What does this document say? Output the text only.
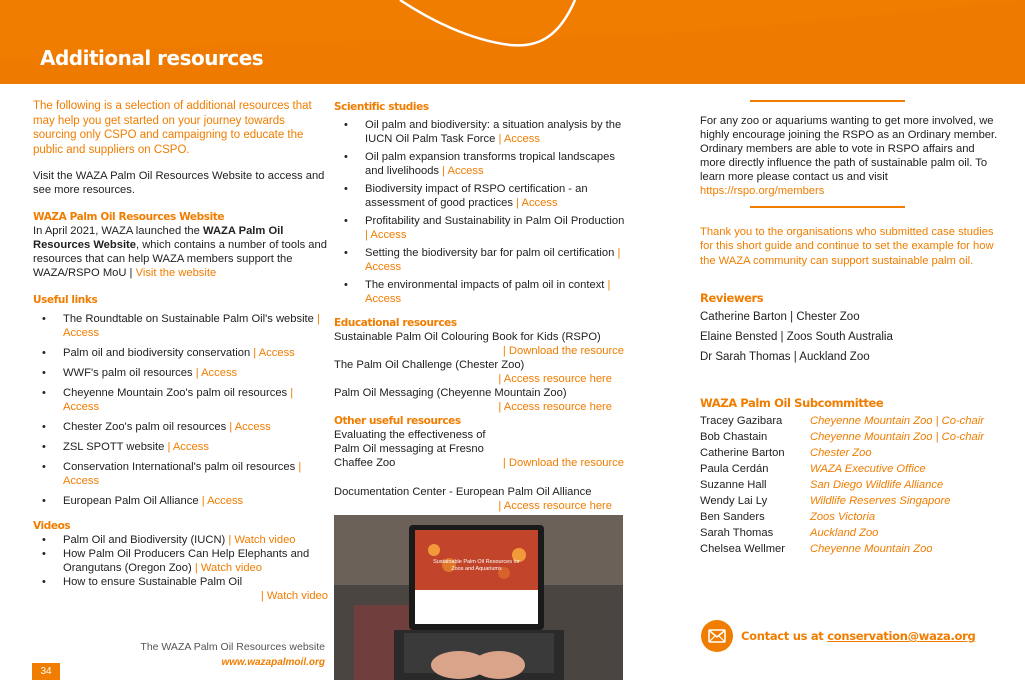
Additional resources
The following is a selection of additional resources that may help you get started on your journey towards sourcing only CSPO and campaigning to educate the public and suppliers on CSPO.
Visit the WAZA Palm Oil Resources Website to access and see more resources.
WAZA Palm Oil Resources Website
In April 2021, WAZA launched the WAZA Palm Oil Resources Website, which contains a number of tools and resources that can help WAZA members support the WAZA/RSPO MoU | Visit the website
Useful links
• The Roundtable on Sustainable Palm Oil's website | Access
• Palm oil and biodiversity conservation | Access
• WWF's palm oil resources | Access
• Cheyenne Mountain Zoo's palm oil resources | Access
• Chester Zoo's palm oil resources | Access
• ZSL SPOTT website | Access
• Conservation International's palm oil resources | Access
• European Palm Oil Alliance | Access
Videos
• Palm Oil and Biodiversity (IUCN) | Watch video
• How Palm Oil Producers Can Help Elephants and Orangutans (Oregon Zoo) | Watch video
• How to ensure Sustainable Palm Oil
| Watch video
The WAZA Palm Oil Resources website
www.wazapalmoil.org
34
Scientific studies
• Oil palm and biodiversity: a situation analysis by the IUCN Oil Palm Task Force | Access
• Oil palm expansion transforms tropical landscapes and livelihoods | Access
• Biodiversity impact of RSPO certification - an assessment of good practices | Access
• Profitability and Sustainability in Palm Oil Production | Access
• Setting the biodiversity bar for palm oil certification | Access
• The environmental impacts of palm oil in context | Access
Educational resources
Sustainable Palm Oil Colouring Book for Kids (RSPO)
| Download the resource
The Palm Oil Challenge (Chester Zoo)
| Access resource here
Palm Oil Messaging (Cheyenne Mountain Zoo)
| Access resource here
Other useful resources
Evaluating the effectiveness of Palm Oil messaging at Fresno Chaffee Zoo	| Download the resource
Documentation Center - European Palm Oil Alliance
| Access resource here
Sustainable Palm Oil Resources for Zoos and Aquariums
For any zoo or aquariums wanting to get more involved, we highly encourage joining the RSPO as an Ordinary member. Ordinary members are able to vote in RSPO affairs and more directly influence the path of sustainable palm oil. To learn more please contact us and visit https://rspo.org/members
Thank you to the organisations who submitted case studies for this short guide and continue to set the example for how the WAZA community can support sustainable palm oil.
Reviewers
Catherine Barton | Chester Zoo
Elaine Bensted | Zoos South Australia
Dr Sarah Thomas | Auckland Zoo
WAZA Palm Oil Subcommittee
Tracey Gazibara	Cheyenne Mountain Zoo | Co-chair
Bob Chastain	Cheyenne Mountain Zoo | Co-chair
Catherine Barton	Chester Zoo
Paula Cerdán	WAZA Executive Office
Suzanne Hall	San Diego Wildlife Alliance
Wendy Lai Ly	Wildlife Reserves Singapore
Ben Sanders	Zoos Victoria
Sarah Thomas	Auckland Zoo
Chelsea Wellmer	Cheyenne Mountain Zoo
Contact us at conservation@waza.org
